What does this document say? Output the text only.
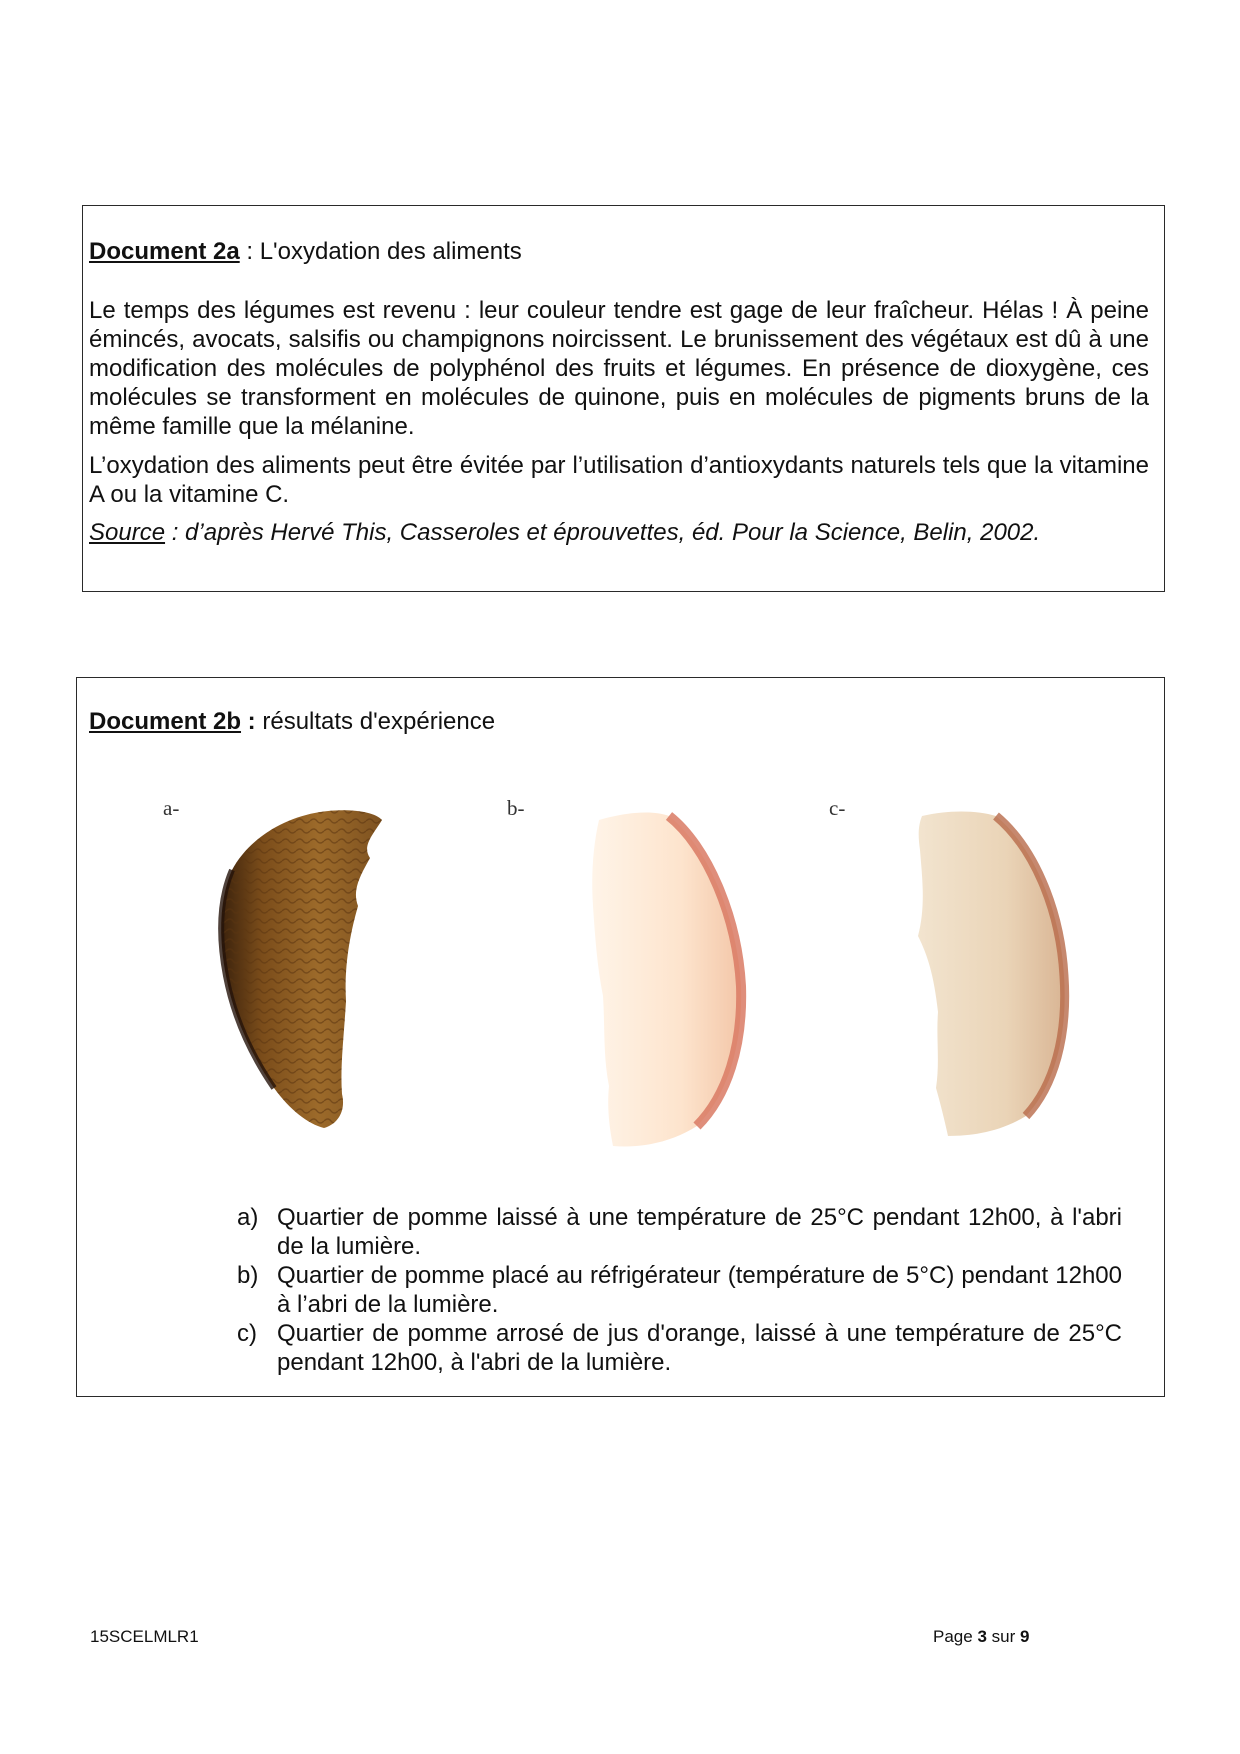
Document 2a : L'oxydation des aliments

Le temps des légumes est revenu : leur couleur tendre est gage de leur fraîcheur. Hélas ! À peine émincés, avocats, salsifis ou champignons noircissent. Le brunissement des végétaux est dû à une modification des molécules de polyphénol des fruits et légumes. En présence de dioxygène, ces molécules se transforment en molécules de quinone, puis en molécules de pigments bruns de la même famille que la mélanine.

L’oxydation des aliments peut être évitée par l’utilisation d’antioxydants naturels tels que la vitamine A ou la vitamine C.

Source : d’après Hervé This, Casseroles et éprouvettes, éd. Pour la Science, Belin, 2002.

Document 2b : résultats d'expérience
a-	b-	c-
a) Quartier de pomme laissé à une température de 25°C pendant 12h00, à l'abri de la lumière.
b) Quartier de pomme placé au réfrigérateur (température de 5°C) pendant 12h00 à l’abri de la lumière.
c) Quartier de pomme arrosé de jus d'orange, laissé à une température de 25°C pendant 12h00, à l'abri de la lumière.
15SCELMLR1	Page 3 sur 9
